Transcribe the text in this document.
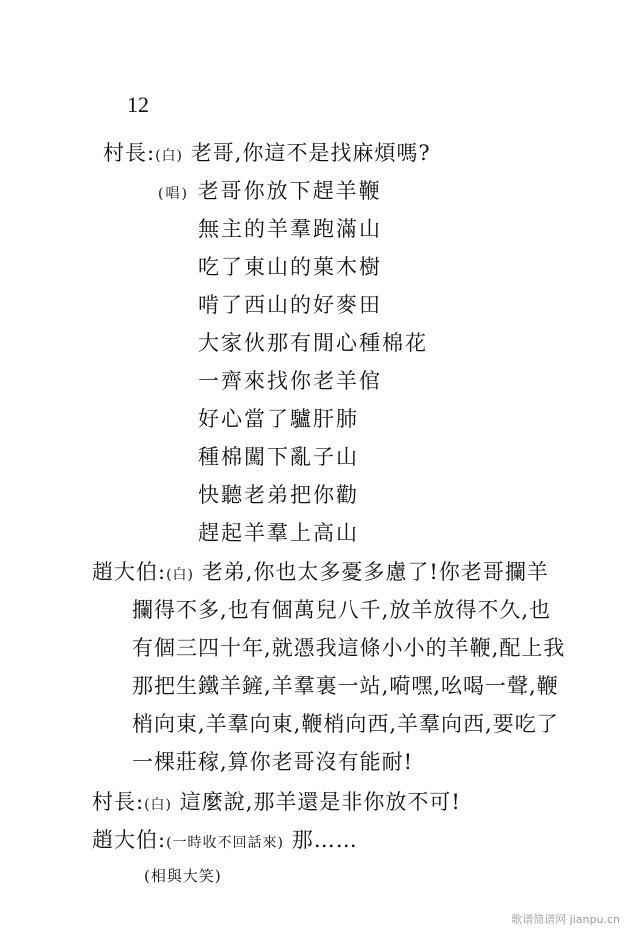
12
村長:(白) 老哥,你這不是找麻煩嗎?
(唱) 老哥你放下趕羊鞭
無主的羊羣跑滿山
吃了東山的菓木樹
啃了西山的好麥田
大家伙那有閒心種棉花
一齊來找你老羊倌
好心當了驢肝肺
種棉闖下亂子山
快聽老弟把你勸
趕起羊羣上高山
趙大伯:(白) 老弟,你也太多憂多慮了!你老哥攔羊
攔得不多,也有個萬兒八千,放羊放得不久,也
有個三四十年,就憑我這條小小的羊鞭,配上我
那把生鐵羊鏟,羊羣裏一站,嗬嘿,吆喝一聲,鞭
梢向東,羊羣向東,鞭梢向西,羊羣向西,要吃了
一棵莊稼,算你老哥沒有能耐!
村長:(白) 這麼說,那羊還是非你放不可!
趙大伯:(一時收不回話來) 那……
(相與大笑)
歌谱简谱网 jianpu.cn
